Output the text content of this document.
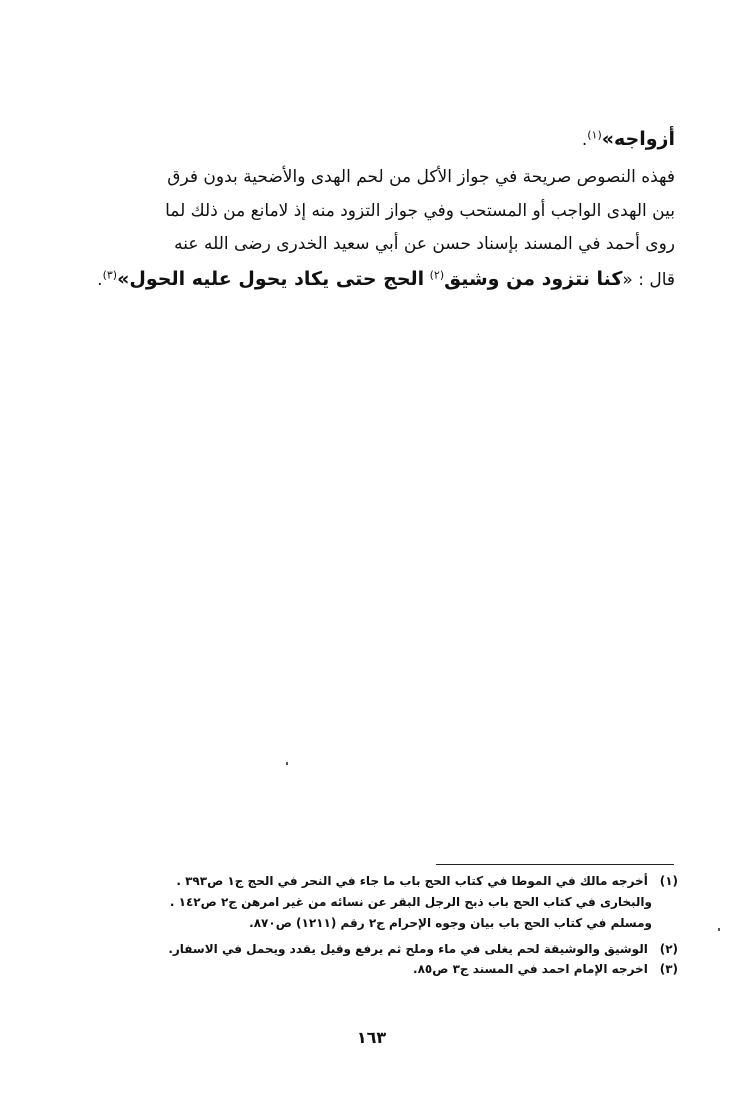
أزواجه»$^{(١)}$.
فهذه النصوص صريحة في جواز الأكل من لحم الهدى والأضحية بدون فرق
بين الهدى الواجب أو المستحب وفي جواز التزود منه إذ لامانع من ذلك لما
روى أحمد في المسند بإسناد حسن عن أبي سعيد الخدرى رضى الله عنه
قال : «كنا نتزود من وشيق$^{(٢)}$ الحج حتى يكاد يحول عليه الحول»$^{(٣)}$.
(١) أخرجه مالك في الموطا في كتاب الحج باب ما جاء في النحر في الحج ج١ ص٣٩٣ .
والبخارى في كتاب الحج باب ذبح الرجل البقر عن نسائه من غير امرهن ج٢ ص١٤٢ .
ومسلم في كتاب الحج باب بيان وجوه الإحرام ج٢ رقم (١٢١١) ص٨٧٠.
(٢) الوشيق والوشيقة لحم يغلى في ماء وملح ثم يرفع وقيل يقدد ويحمل في الاسفار.
(٣) اخرجه الإمام احمد في المسند ج٣ ص٨٥.
١٦٣
